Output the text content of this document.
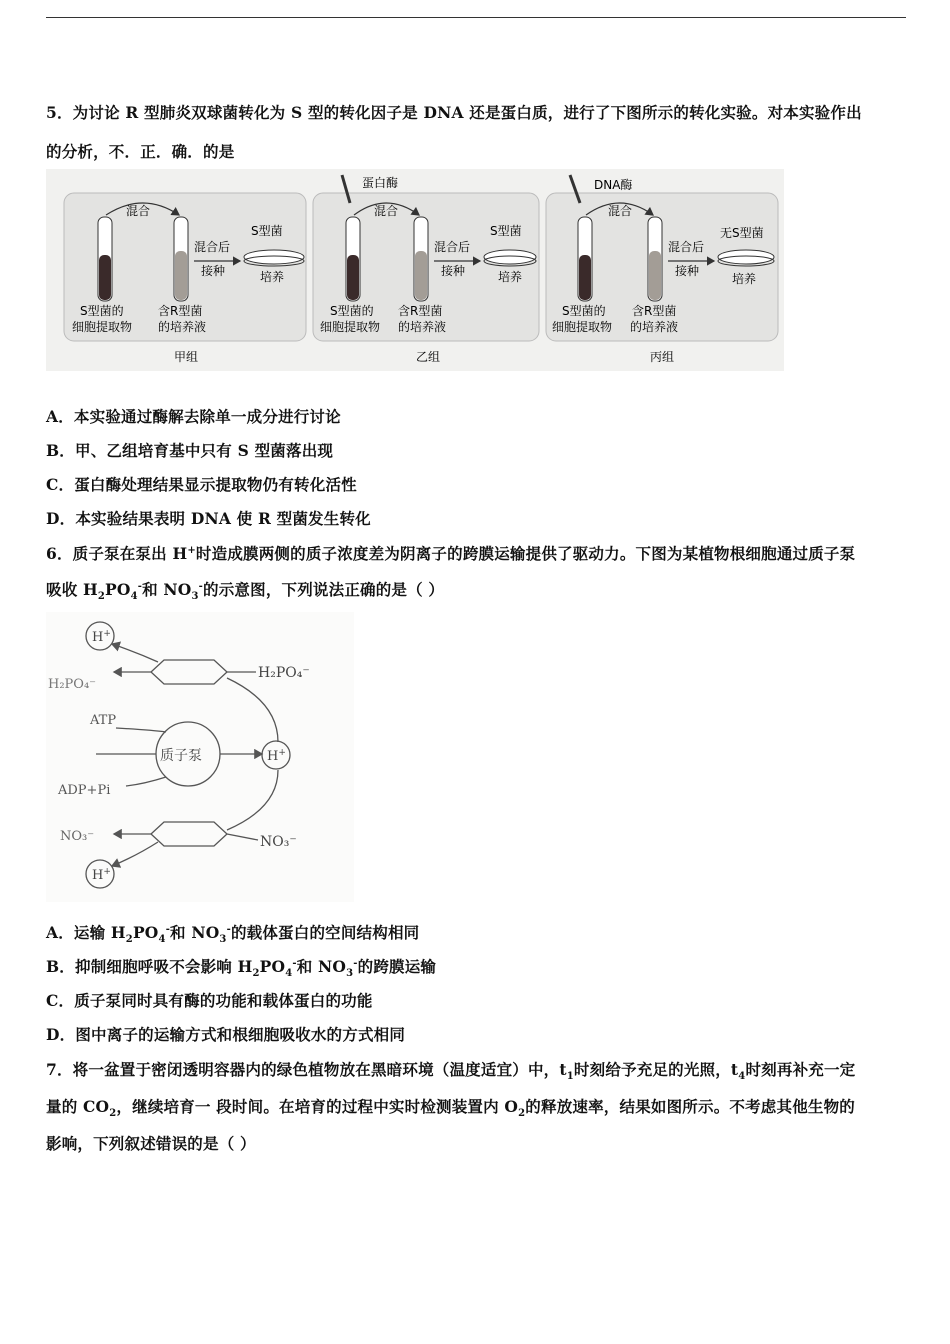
5．为讨论 R 型肺炎双球菌转化为 S 型的转化因子是 DNA 还是蛋白质，进行了下图所示的转化实验。对本实验作出
的分析，不．正．确．的是
混合
混合后
接种
S型菌
培养
S型菌的
细胞提取物
含R型菌
的培养液
甲组
蛋白酶
混合
混合后
接种
S型菌
培养
S型菌的
细胞提取物
含R型菌
的培养液
乙组
DNA酶
混合
混合后
接种
无S型菌
培养
S型菌的
细胞提取物
含R型菌
的培养液
丙组
A．本实验通过酶解去除单一成分进行讨论
B．甲、乙组培育基中只有 S 型菌落出现
C．蛋白酶处理结果显示提取物仍有转化活性
D．本实验结果表明 DNA 使 R 型菌发生转化
6．质子泵在泵出 H+时造成膜两侧的质子浓度差为阴离子的跨膜运输提供了驱动力。下图为某植物根细胞通过质子泵
吸收 $H_2PO_4^-$和 $NO_3^-$的示意图，下列说法正确的是（ ）
H+
H₂PO₄⁻
H₂PO₄⁻
ATP
质子泵	H+
ADP+Pi
NO₃⁻	NO₃⁻
H+
A．运输 $H_2PO_4^-$和 $NO_3^-$的载体蛋白的空间结构相同
B．抑制细胞呼吸不会影响 $H_2PO_4^-$和 $NO_3^-$的跨膜运输
C．质子泵同时具有酶的功能和载体蛋白的功能
D．图中离子的运输方式和根细胞吸收水的方式相同
7．将一盆置于密闭透明容器内的绿色植物放在黑暗环境（温度适宜）中，$t_1$时刻给予充足的光照，$t_4$时刻再补充一定
量的 $CO_2$，继续培育一 段时间。在培育的过程中实时检测装置内 $O_2$的释放速率，结果如图所示。不考虑其他生物的
影响，下列叙述错误的是（ ）
